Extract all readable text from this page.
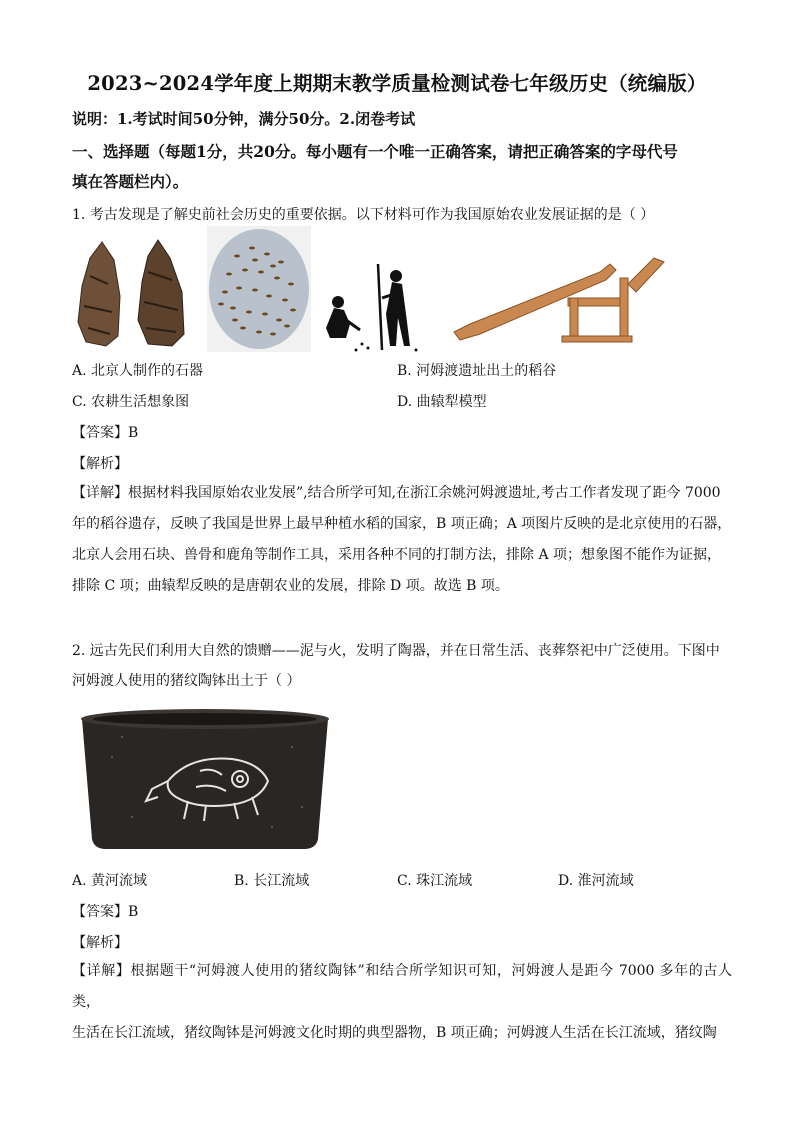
2023~2024学年度上期期末教学质量检测试卷七年级历史（统编版）
说明：1.考试时间50分钟，满分50分。2.闭卷考试
一、选择题（每题1分，共20分。每小题有一个唯一正确答案，请把正确答案的字母代号
填在答题栏内）。
1. 考古发现是了解史前社会历史的重要依据。以下材料可作为我国原始农业发展证据的是（ ）
A. 北京人制作的石器	B. 河姆渡遗址出土的稻谷
C. 农耕生活想象图	D. 曲辕犁模型
【答案】B
【解析】
【详解】根据材料我国原始农业发展”,结合所学可知,在浙江余姚河姆渡遗址,考古工作者发现了距今 7000
年的稻谷遗存，反映了我国是世界上最早种植水稻的国家，B 项正确；A 项图片反映的是北京使用的石器，
北京人会用石块、兽骨和鹿角等制作工具，采用各种不同的打制方法，排除 A 项；想象图不能作为证据，
排除 C 项；曲辕犁反映的是唐朝农业的发展，排除 D 项。故选 B 项。
2. 远古先民们利用大自然的馈赠——泥与火，发明了陶器，并在日常生活、丧葬祭祀中广泛使用。下图中
河姆渡人使用的猪纹陶钵出土于（ ）
A. 黄河流域	B. 长江流域	C. 珠江流域	D. 淮河流域
【答案】B
【解析】
【详解】根据题干“河姆渡人使用的猪纹陶钵”和结合所学知识可知，河姆渡人是距今 7000 多年的古人类，
生活在长江流域，猪纹陶钵是河姆渡文化时期的典型器物，B 项正确；河姆渡人生活在长江流域，猪纹陶
